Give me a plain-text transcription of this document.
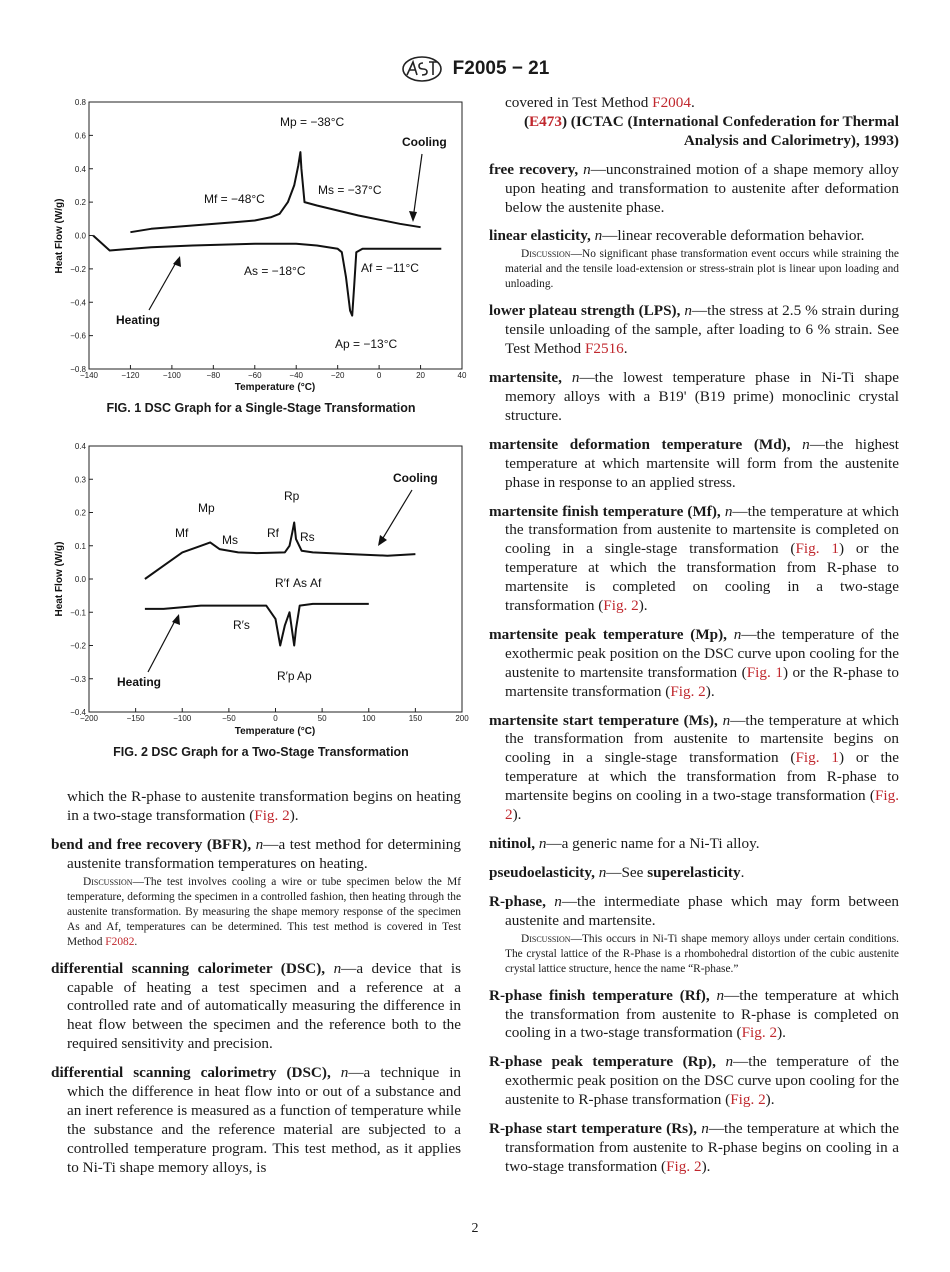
F2005 − 21
−140	−120	−100	−80	−60	−40	−20	0	20	40
−0.8
−0.6
−0.4
−0.2
0.0
0.2
0.4
0.6
0.8
Temperature (°C)
Heat Flow (W/g)
Cooling
Heating
Mp = −38°C
Mf = −48°C
Ms = −37°C
As = −18°C	Af = −11°C
Ap = −13°C
FIG. 1 DSC Graph for a Single-Stage Transformation
−200	−150	−100	−50	0	50	100	150	200
−0.4
−0.3
−0.2
−0.1
0.0
0.1
0.2
0.3
0.4
Temperature (°C)
Heat Flow (W/g)
Cooling
Heating
Mp
Mf	Ms
Rp
Rf Rs
R′f As Af
R′s
R′p Ap
FIG. 2 DSC Graph for a Two-Stage Transformation

which the R-phase to austenite transformation begins on heating in a two-stage transformation (Fig. 2).

bend and free recovery (BFR), n—a test method for determining austenite transformation temperatures on heating.

Discussion—The test involves cooling a wire or tube specimen below the Mf temperature, deforming the specimen in a controlled fashion, then heating through the austenite transformation. By measuring the shape memory response of the specimen As and Af, temperatures can be determined. This test method is covered in Test Method F2082.

differential scanning calorimeter (DSC), n—a device that is capable of heating a test specimen and a reference at a controlled rate and of automatically measuring the difference in heat flow between the specimen and the reference both to the required sensitivity and precision.

differential scanning calorimetry (DSC), n—a technique in which the difference in heat flow into or out of a substance and an inert reference is measured as a function of temperature while the substance and the reference material are subjected to a controlled temperature program. This test method, as it applies to Ni-Ti shape memory alloys, is

covered in Test Method F2004.

(E473) (ICTAC (International Confederation for Thermal Analysis and Calorimetry), 1993)

free recovery, n—unconstrained motion of a shape memory alloy upon heating and transformation to austenite after deformation below the austenite phase.

linear elasticity, n—linear recoverable deformation behavior.

Discussion—No significant phase transformation event occurs while straining the material and the tensile load-extension or stress-strain plot is linear upon loading and unloading.

lower plateau strength (LPS), n—the stress at 2.5 % strain during tensile unloading of the sample, after loading to 6 % strain. See Test Method F2516.

martensite, n—the lowest temperature phase in Ni-Ti shape memory alloys with a B19' (B19 prime) monoclinic crystal structure.

martensite deformation temperature (Md), n—the highest temperature at which martensite will form from the austenite phase in response to an applied stress.

martensite finish temperature (Mf), n—the temperature at which the transformation from austenite to martensite is completed on cooling in a single-stage transformation (Fig. 1) or the temperature at which the transformation from R-phase to martensite is completed on cooling in a two-stage transformation (Fig. 2).

martensite peak temperature (Mp), n—the temperature of the exothermic peak position on the DSC curve upon cooling for the austenite to martensite transformation (Fig. 1) or the R-phase to martensite transformation (Fig. 2).

martensite start temperature (Ms), n—the temperature at which the transformation from austenite to martensite begins on cooling in a single-stage transformation (Fig. 1) or the temperature at which the transformation from R-phase to martensite begins on cooling in a two-stage transformation (Fig. 2).

nitinol, n—a generic name for a Ni-Ti alloy.

pseudoelasticity, n—See superelasticity.

R-phase, n—the intermediate phase which may form between austenite and martensite.

Discussion—This occurs in Ni-Ti shape memory alloys under certain conditions. The crystal lattice of the R-Phase is a rhombohedral distortion of the cubic austenite crystal lattice structure, hence the name “R-phase.”

R-phase finish temperature (Rf), n—the temperature at which the transformation from austenite to R-phase is completed on cooling in a two-stage transformation (Fig. 2).

R-phase peak temperature (Rp), n—the temperature of the exothermic peak position on the DSC curve upon cooling for the austenite to R-phase transformation (Fig. 2).

R-phase start temperature (Rs), n—the temperature at which the transformation from austenite to R-phase begins on cooling in a two-stage transformation (Fig. 2).

2
